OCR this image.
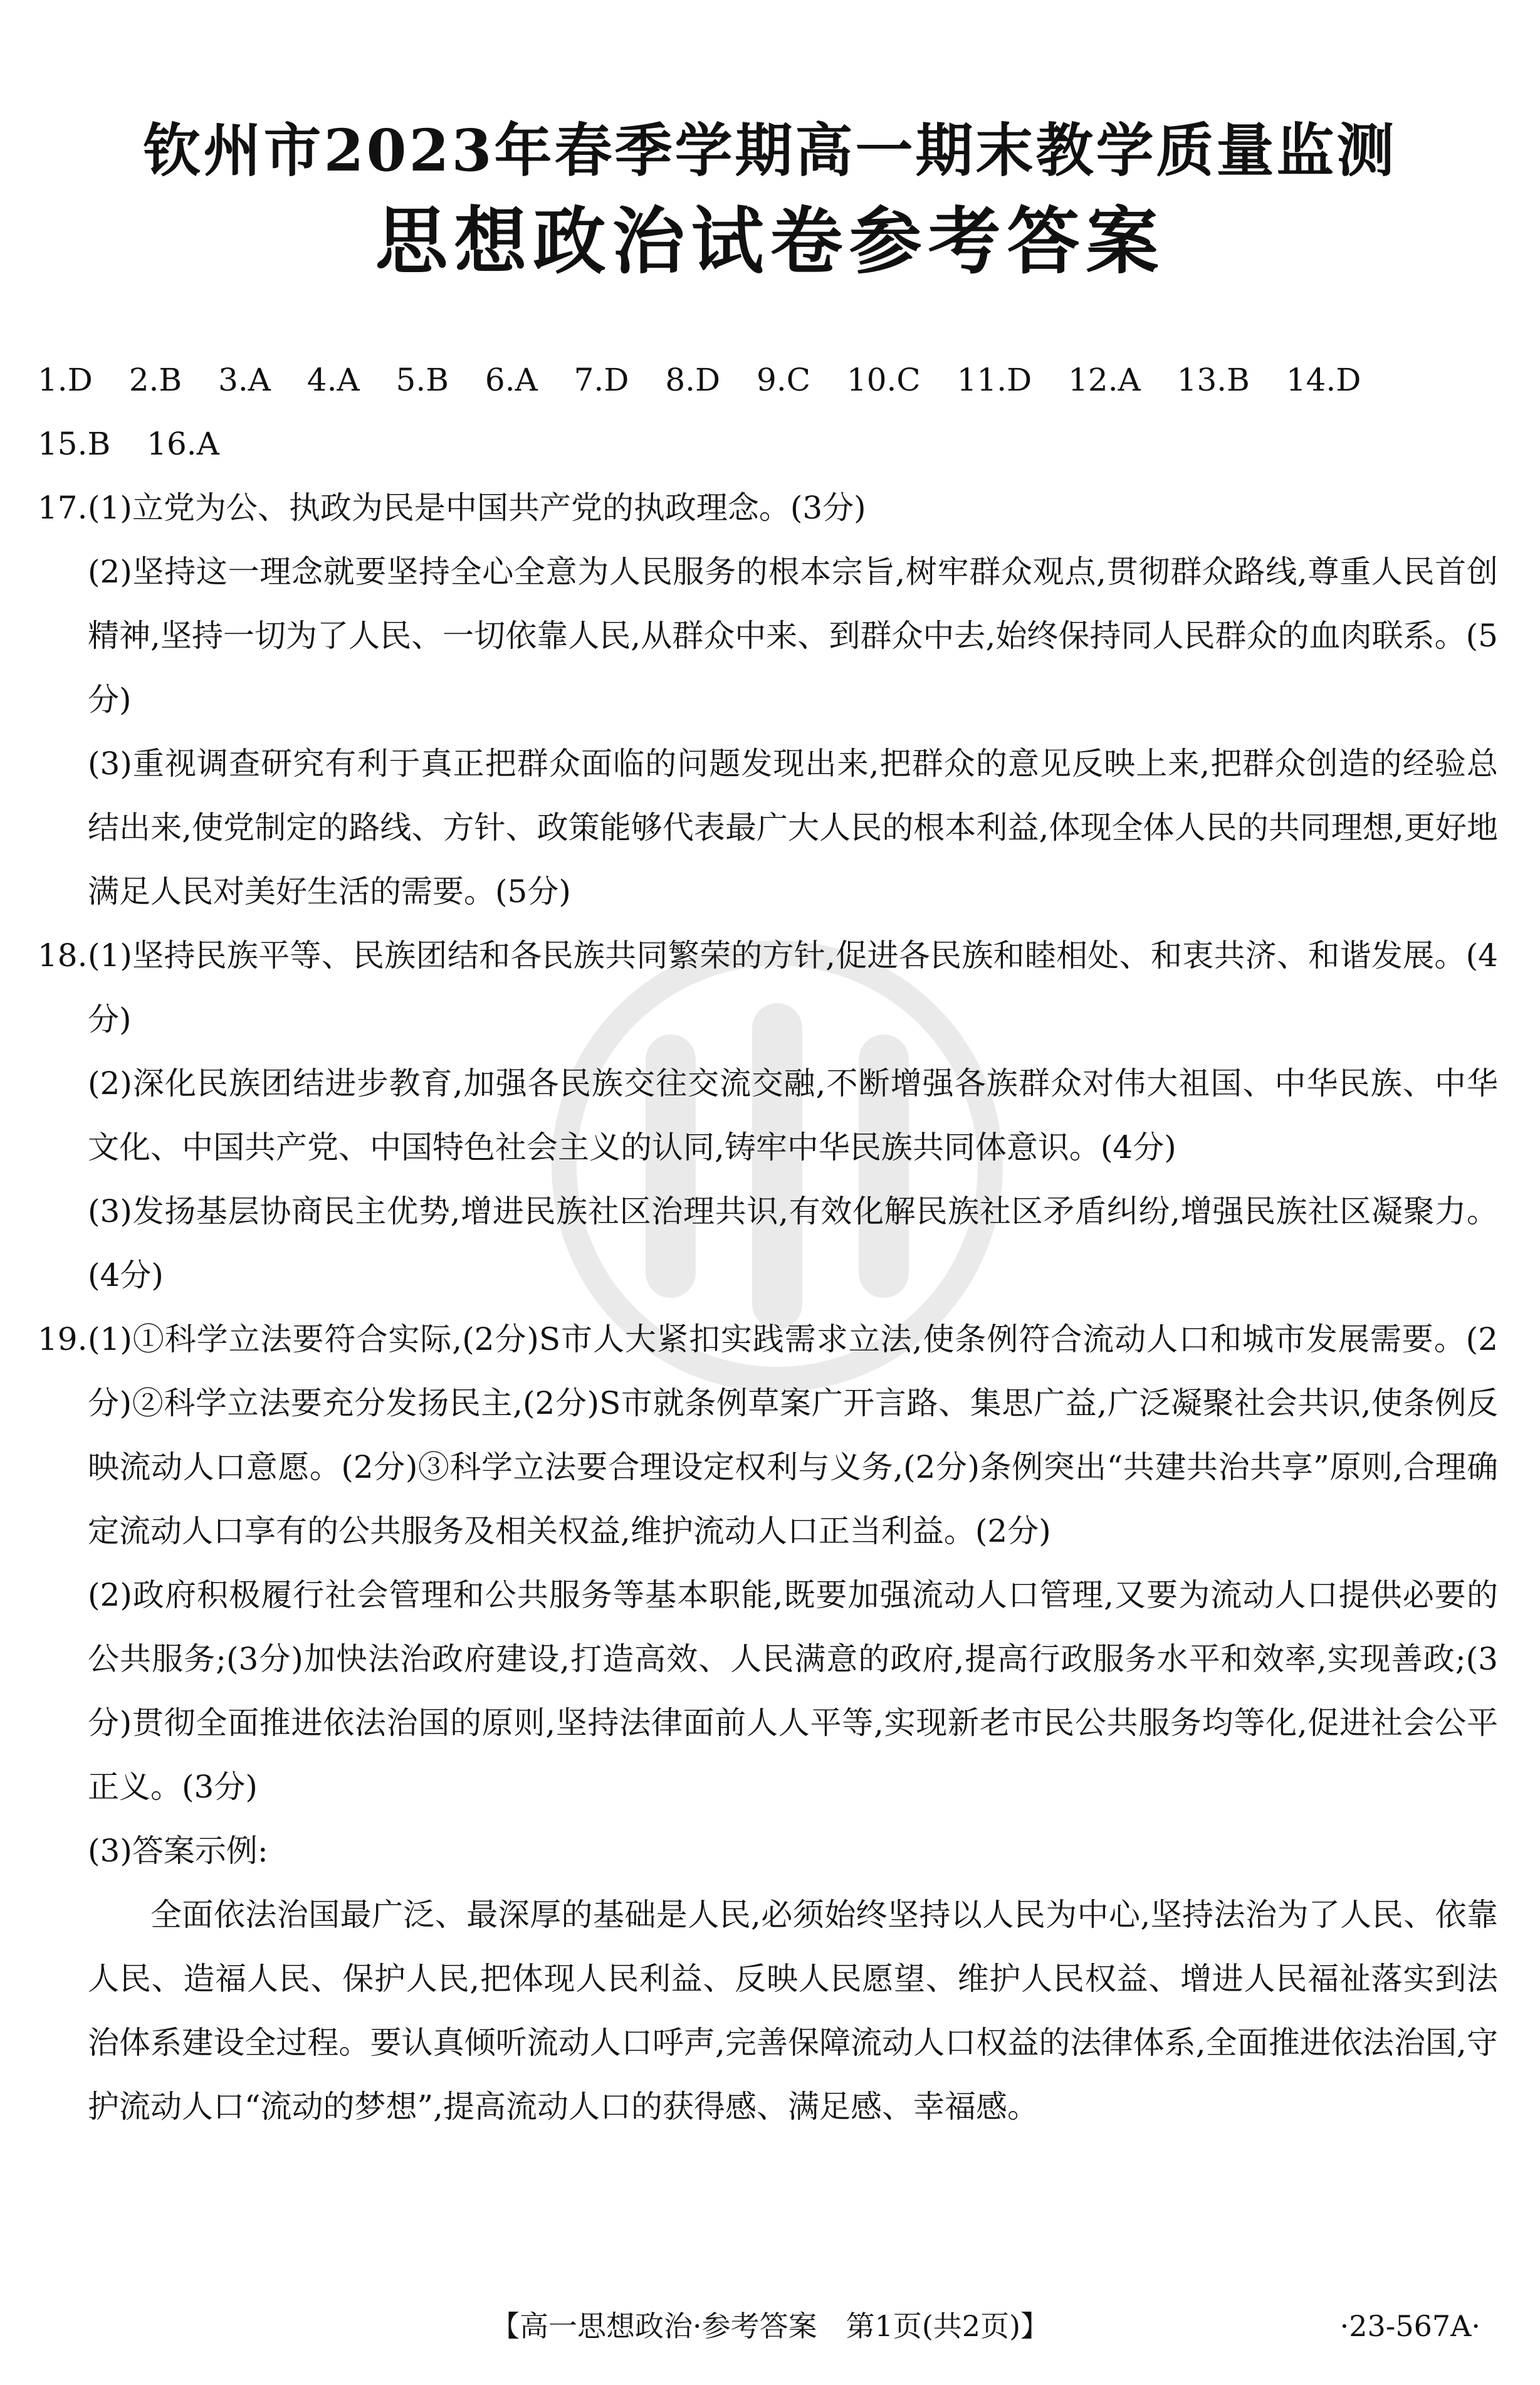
钦州市2023年春季学期高一期末教学质量监测
思想政治试卷参考答案
1.D 2.B 3.A 4.A 5.B 6.A 7.D 8.D 9.C 10.C 11.D 12.A 13.B 14.D
15.B 16.A
17.(1)立党为公、执政为民是中国共产党的执政理念。(3分)
(2)坚持这一理念就要坚持全心全意为人民服务的根本宗旨,树牢群众观点,贯彻群众路线,尊重人民首创精神,坚持一切为了人民、一切依靠人民,从群众中来、到群众中去,始终保持同人民群众的血肉联系。(5分)
(3)重视调查研究有利于真正把群众面临的问题发现出来,把群众的意见反映上来,把群众创造的经验总结出来,使党制定的路线、方针、政策能够代表最广大人民的根本利益,体现全体人民的共同理想,更好地满足人民对美好生活的需要。(5分)
18. (1)坚持民族平等、民族团结和各民族共同繁荣的方针,促进各民族和睦相处、和衷共济、和谐发展。(4分)
(2)深化民族团结进步教育,加强各民族交往交流交融,不断增强各族群众对伟大祖国、中华民族、中华文化、中国共产党、中国特色社会主义的认同,铸牢中华民族共同体意识。(4分)
(3)发扬基层协商民主优势,增进民族社区治理共识,有效化解民族社区矛盾纠纷,增强民族社区凝聚力。(4分)
19. (1)①科学立法要符合实际,(2分)S市人大紧扣实践需求立法,使条例符合流动人口和城市发展需要。(2分)②科学立法要充分发扬民主,(2分)S市就条例草案广开言路、集思广益,广泛凝聚社会共识,使条例反映流动人口意愿。(2分)③科学立法要合理设定权利与义务,(2分)条例突出“共建共治共享”原则,合理确定流动人口享有的公共服务及相关权益,维护流动人口正当利益。(2分)
(2)政府积极履行社会管理和公共服务等基本职能,既要加强流动人口管理,又要为流动人口提供必要的公共服务;(3分)加快法治政府建设,打造高效、人民满意的政府,提高行政服务水平和效率,实现善政;(3分)贯彻全面推进依法治国的原则,坚持法律面前人人平等,实现新老市民公共服务均等化,促进社会公平正义。(3分)
(3)答案示例:
全面依法治国最广泛、最深厚的基础是人民,必须始终坚持以人民为中心,坚持法治为了人民、依靠人民、造福人民、保护人民,把体现人民利益、反映人民愿望、维护人民权益、增进人民福祉落实到法治体系建设全过程。要认真倾听流动人口呼声,完善保障流动人口权益的法律体系,全面推进依法治国,守护流动人口“流动的梦想”,提高流动人口的获得感、满足感、幸福感。
【高一思想政治·参考答案　第1页(共2页)】	·23-567A·
